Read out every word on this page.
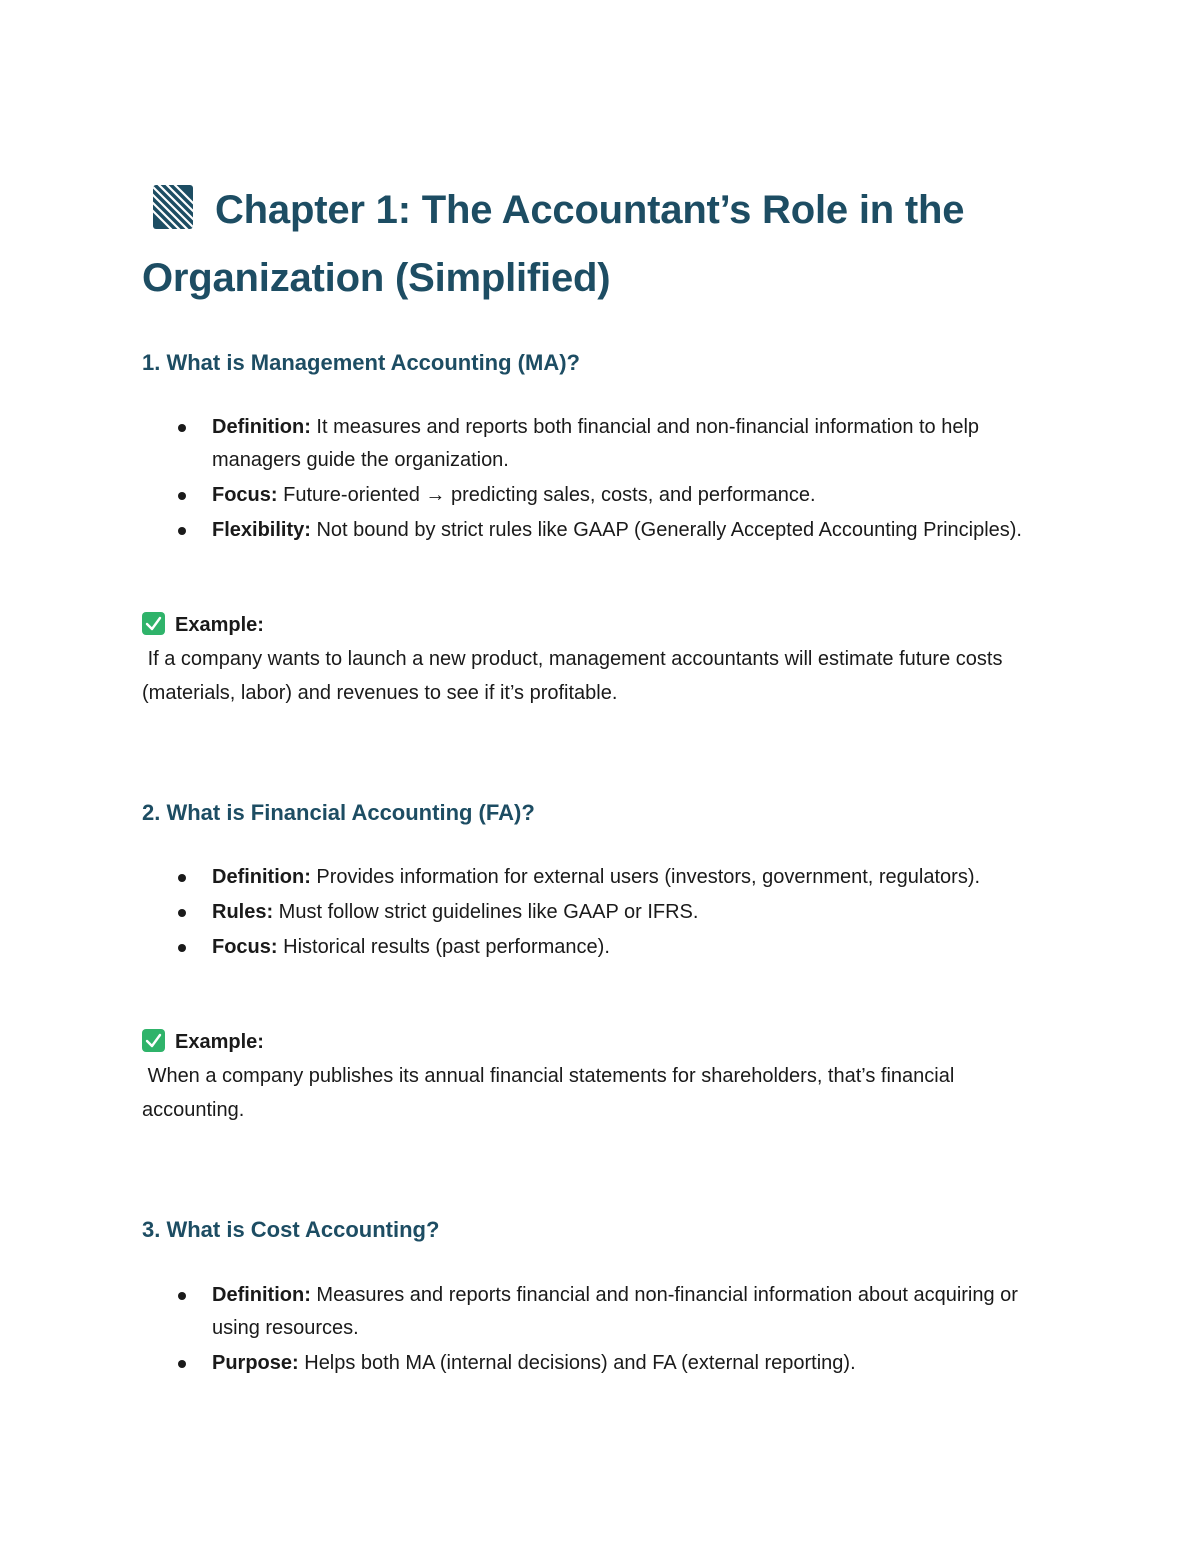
Chapter 1: The Accountant’s Role in the Organization (Simplified)
1. What is Management Accounting (MA)?
Definition: It measures and reports both financial and non-financial information to help managers guide the organization.
Focus: Future-oriented → predicting sales, costs, and performance.
Flexibility: Not bound by strict rules like GAAP (Generally Accepted Accounting Principles).
Example:

If a company wants to launch a new product, management accountants will estimate future costs (materials, labor) and revenues to see if it’s profitable.

2. What is Financial Accounting (FA)?
Definition: Provides information for external users (investors, government, regulators).
Rules: Must follow strict guidelines like GAAP or IFRS.
Focus: Historical results (past performance).
Example:

When a company publishes its annual financial statements for shareholders, that’s financial accounting.

3. What is Cost Accounting?
Definition: Measures and reports financial and non-financial information about acquiring or using resources.
Purpose: Helps both MA (internal decisions) and FA (external reporting).
